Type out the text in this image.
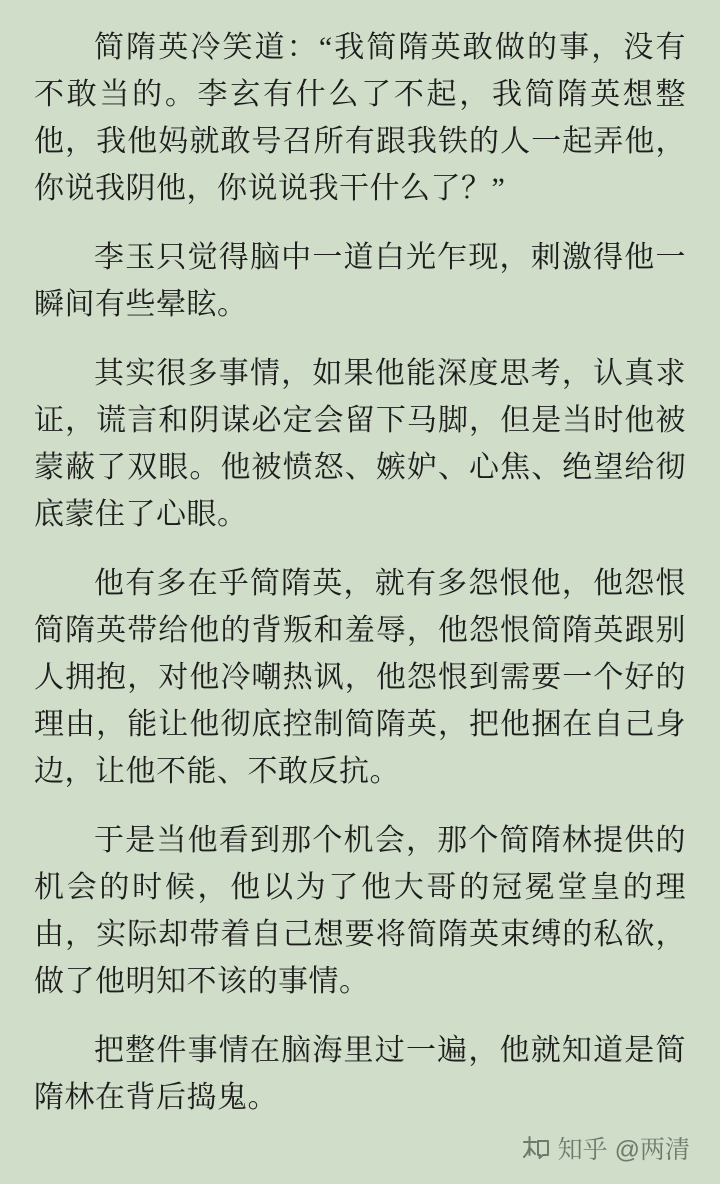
简隋英冷笑道：“我简隋英敢做的事，没有不敢当的。李玄有什么了不起，我简隋英想整他，我他妈就敢号召所有跟我铁的人一起弄他，你说我阴他，你说说我干什么了？”

李玉只觉得脑中一道白光乍现，刺激得他一瞬间有些晕眩。

其实很多事情，如果他能深度思考，认真求证，谎言和阴谋必定会留下马脚，但是当时他被蒙蔽了双眼。他被愤怒、嫉妒、心焦、绝望给彻底蒙住了心眼。

他有多在乎简隋英，就有多怨恨他，他怨恨简隋英带给他的背叛和羞辱，他怨恨简隋英跟别人拥抱，对他冷嘲热讽，他怨恨到需要一个好的理由，能让他彻底控制简隋英，把他捆在自己身边，让他不能、不敢反抗。

于是当他看到那个机会，那个简隋林提供的机会的时候，他以为了他大哥的冠冕堂皇的理由，实际却带着自己想要将简隋英束缚的私欲，做了他明知不该的事情。

把整件事情在脑海里过一遍，他就知道是简隋林在背后捣鬼。

知乎 @两清
